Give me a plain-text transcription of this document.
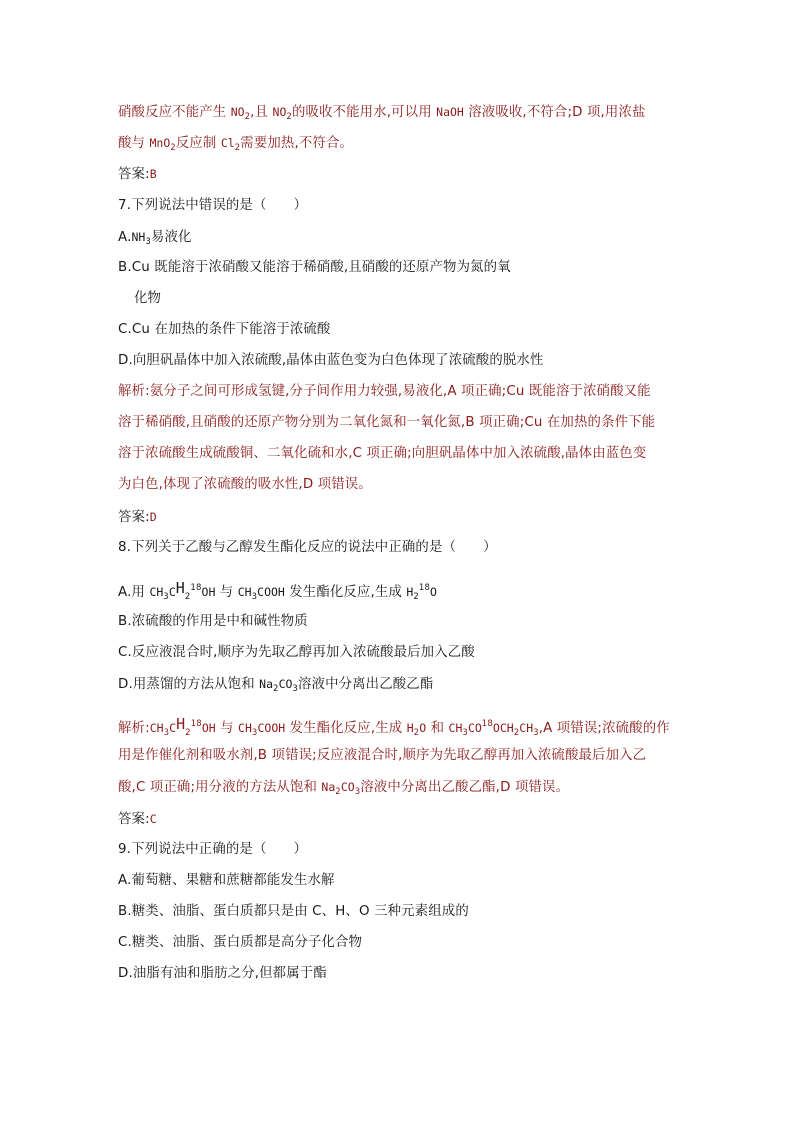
硝酸反应不能产生 $NO_2$,且 $NO_2$的吸收不能用水,可以用 NaOH 溶液吸收,不符合;D 项,用浓盐
酸与 MnO$_2$反应制 $Cl_2$需要加热,不符合。
答案:B
7.下列说法中错误的是（　　）
$A.NH_3$易液化
B.Cu 既能溶于浓硝酸又能溶于稀硝酸,且硝酸的还原产物为氮的氧
化物
C.Cu 在加热的条件下能溶于浓硫酸
D.向胆矾晶体中加入浓硫酸,晶体由蓝色变为白色体现了浓硫酸的脱水性
解析:氨分子之间可形成氢键,分子间作用力较强,易液化,A 项正确;Cu 既能溶于浓硝酸又能
溶于稀硝酸,且硝酸的还原产物分别为二氧化氮和一氧化氮,B 项正确;Cu 在加热的条件下能
溶于浓硫酸生成硫酸铜、二氧化硫和水,C 项正确;向胆矾晶体中加入浓硫酸,晶体由蓝色变
为白色,体现了浓硫酸的吸水性,D 项错误。
答案:D
8.下列关于乙酸与乙醇发生酯化反应的说法中正确的是（　　）
A.用 $CH_3CH_2^{18}OH$ 与 $CH_3COOH$ 发生酯化反应,生成 $H_2^{18}O$
B.浓硫酸的作用是中和碱性物质
C.反应液混合时,顺序为先取乙醇再加入浓硫酸最后加入乙酸
D.用蒸馏的方法从饱和 $Na_2CO_3$溶液中分离出乙酸乙酯
解析$:CH_3CH_2^{18}OH$ 与 $CH_3COOH$ 发生酯化反应,生成 $H_2O$ 和 $CH_3CO^{18}OCH_2CH_3,A$ 项错误;浓硫酸的作
用是作催化剂和吸水剂,B 项错误;反应液混合时,顺序为先取乙醇再加入浓硫酸最后加入乙
酸,C 项正确;用分液的方法从饱和 $Na_2CO_3$溶液中分离出乙酸乙酯,D 项错误。
答案:C
9.下列说法中正确的是（　　）
A.葡萄糖、果糖和蔗糖都能发生水解
B.糖类、油脂、蛋白质都只是由 C、H、O 三种元素组成的
C.糖类、油脂、蛋白质都是高分子化合物
D.油脂有油和脂肪之分,但都属于酯
